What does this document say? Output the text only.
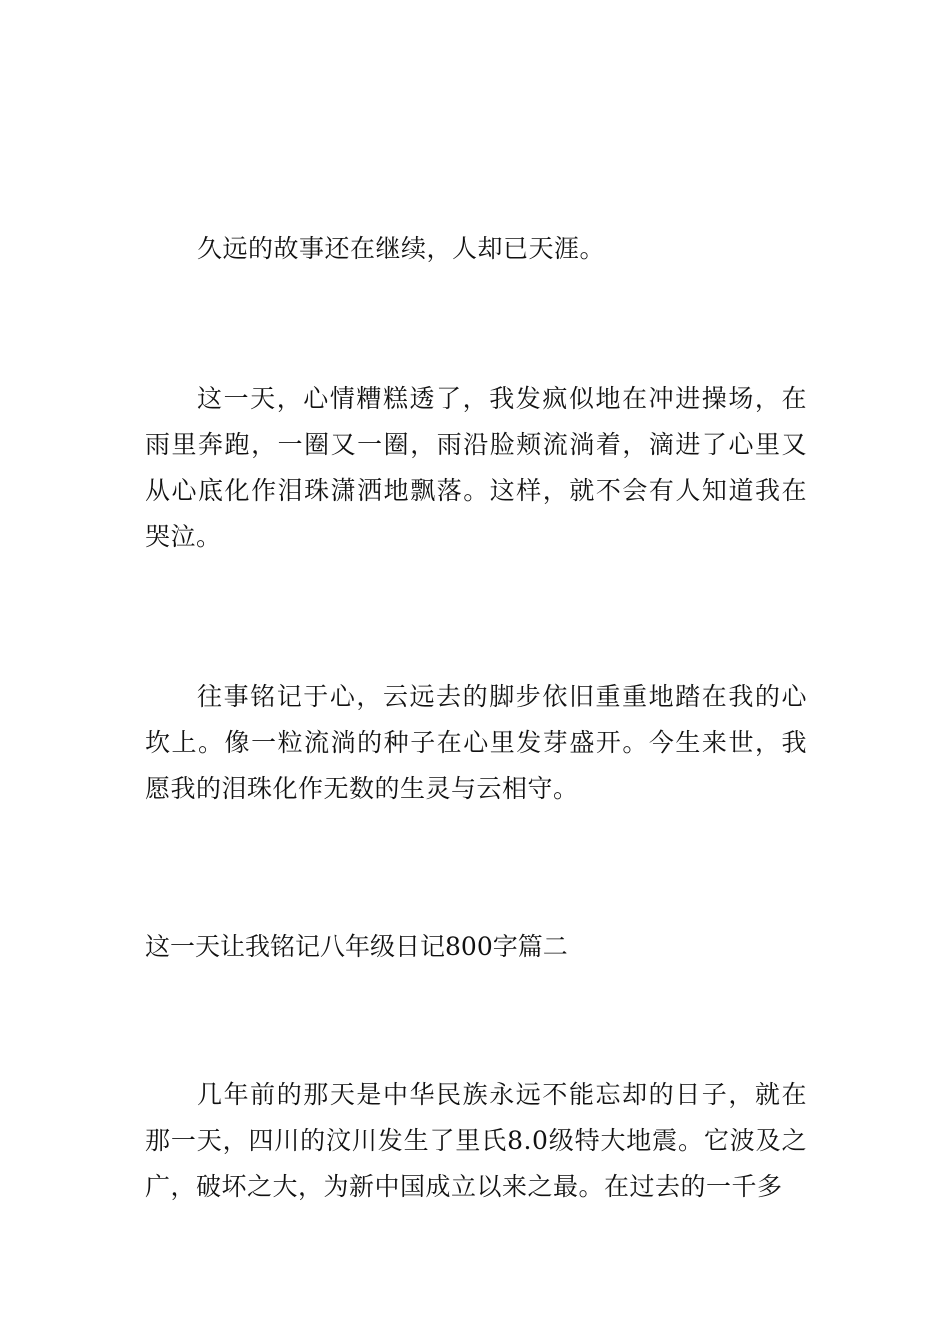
久远的故事还在继续，人却已天涯。

这一天，心情糟糕透了，我发疯似地在冲进操场，在雨里奔跑，一圈又一圈，雨沿脸颊流淌着，滴进了心里又从心底化作泪珠潇洒地飘落。这样，就不会有人知道我在哭泣。

往事铭记于心，云远去的脚步依旧重重地踏在我的心坎上。像一粒流淌的种子在心里发芽盛开。今生来世，我愿我的泪珠化作无数的生灵与云相守。

这一天让我铭记八年级日记800字篇二

几年前的那天是中华民族永远不能忘却的日子，就在那一天，四川的汶川发生了里氏8.0级特大地震。它波及之广，破坏之大，为新中国成立以来之最。在过去的一千多
